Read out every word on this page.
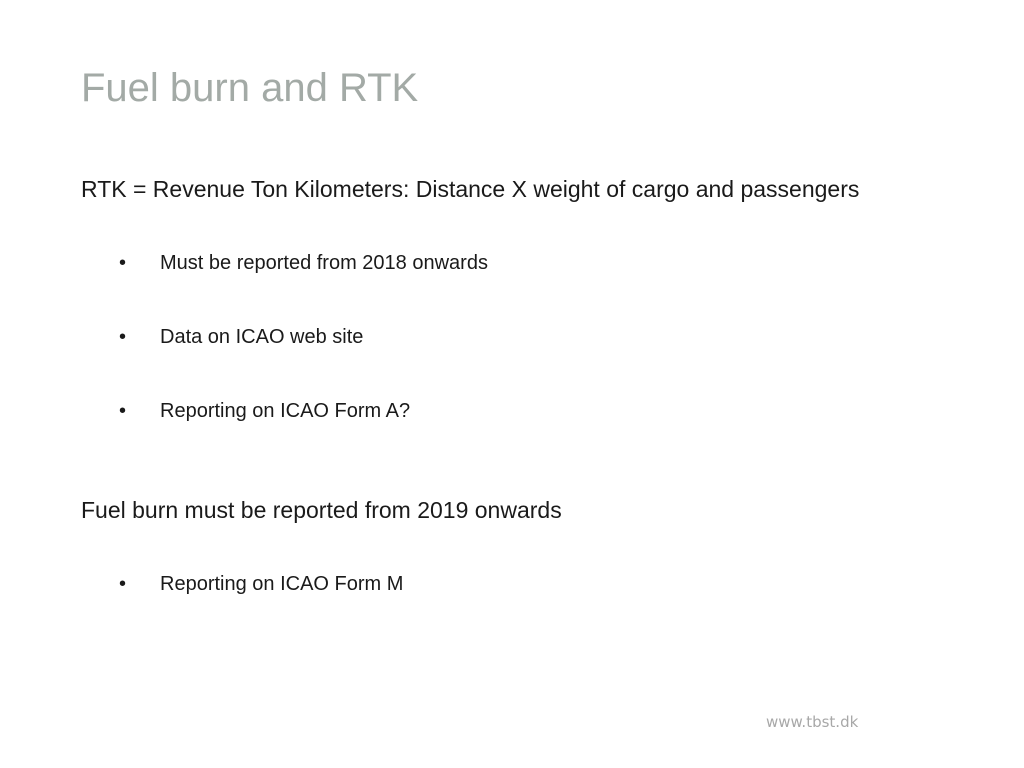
Fuel burn and RTK
RTK = Revenue Ton Kilometers: Distance X weight of cargo and passengers
• Must be reported from 2018 onwards
• Data on ICAO web site
• Reporting on ICAO Form A?
Fuel burn must be reported from 2019 onwards
• Reporting on ICAO Form M
www.tbst.dk
